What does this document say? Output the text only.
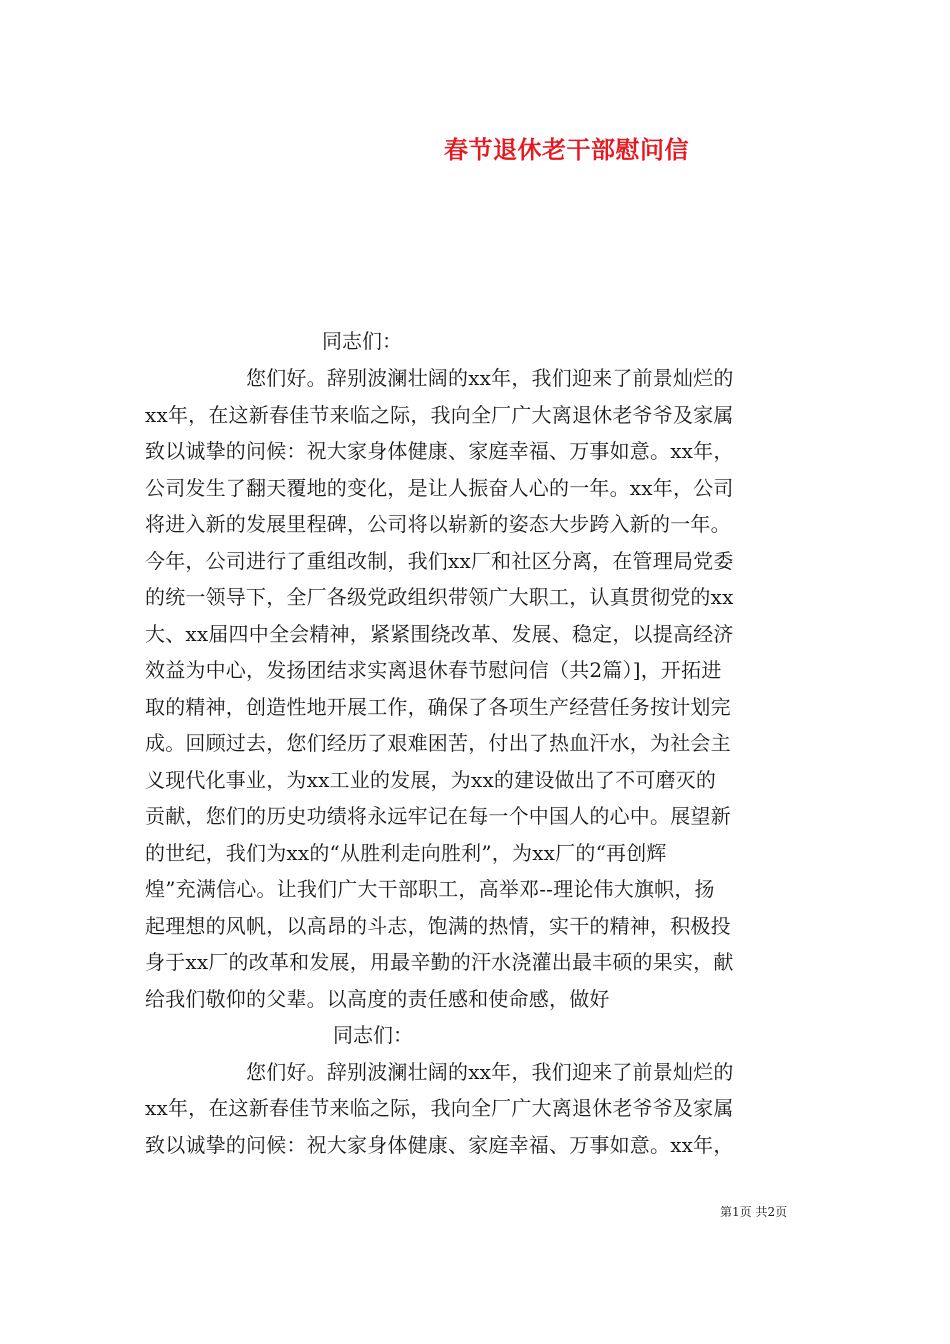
春节退休老干部慰问信
同志们：
您们好。辞别波澜壮阔的xx年，我们迎来了前景灿烂的
xx年，在这新春佳节来临之际，我向全厂广大离退休老爷爷及家属
致以诚挚的问候：祝大家身体健康、家庭幸福、万事如意。xx年，
公司发生了翻天覆地的变化，是让人振奋人心的一年。xx年，公司
将进入新的发展里程碑，公司将以崭新的姿态大步跨入新的一年。
今年，公司进行了重组改制，我们xx厂和社区分离，在管理局党委
的统一领导下，全厂各级党政组织带领广大职工，认真贯彻党的xx
大、xx届四中全会精神，紧紧围绕改革、发展、稳定，以提高经济
效益为中心，发扬团结求实离退休春节慰问信（共2篇）]，开拓进
取的精神，创造性地开展工作，确保了各项生产经营任务按计划完
成。回顾过去，您们经历了艰难困苦，付出了热血汗水，为社会主
义现代化事业，为xx工业的发展，为xx的建设做出了不可磨灭的
贡献，您们的历史功绩将永远牢记在每一个中国人的心中。展望新
的世纪，我们为xx的“从胜利走向胜利”，为xx厂的“再创辉
煌”充满信心。让我们广大干部职工，高举邓--理论伟大旗帜，扬
起理想的风帆，以高昂的斗志，饱满的热情，实干的精神，积极投
身于xx厂的改革和发展，用最辛勤的汗水浇灌出最丰硕的果实，献
给我们敬仰的父辈。以高度的责任感和使命感，做好
同志们：
您们好。辞别波澜壮阔的xx年，我们迎来了前景灿烂的
xx年，在这新春佳节来临之际，我向全厂广大离退休老爷爷及家属
致以诚挚的问候：祝大家身体健康、家庭幸福、万事如意。xx年，
第1页 共2页
